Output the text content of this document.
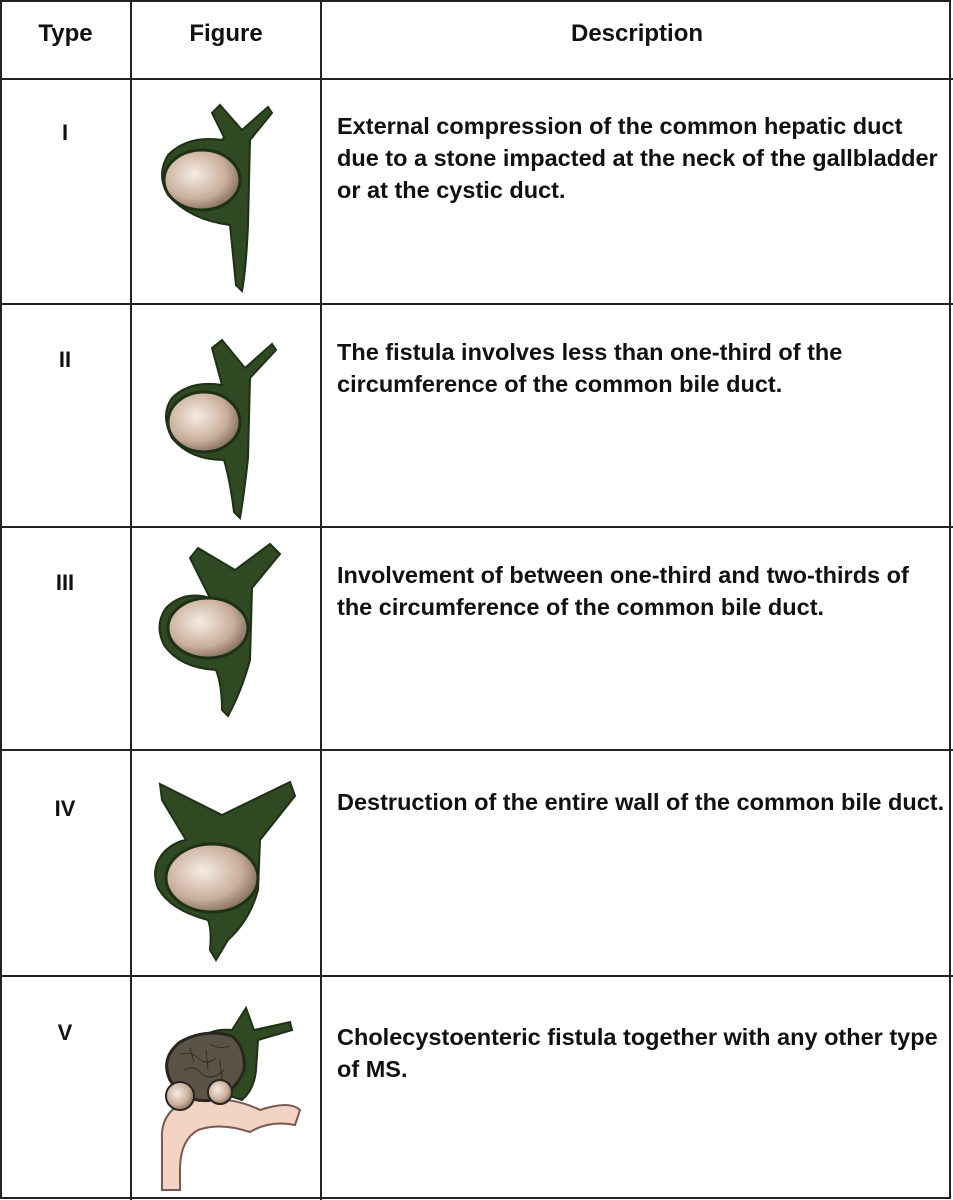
Type	Figure	Description
I	External compression of the common hepatic duct due to a stone impacted at the neck of the gallbladder or at the cystic duct.
II	The fistula involves less than one-third of the circumference of the common bile duct.
III	Involvement of between one-third and two-thirds of the circumference of the common bile duct.
IV	Destruction of the entire wall of the common bile duct.
V	Cholecystoenteric fistula together with any other type of MS.
